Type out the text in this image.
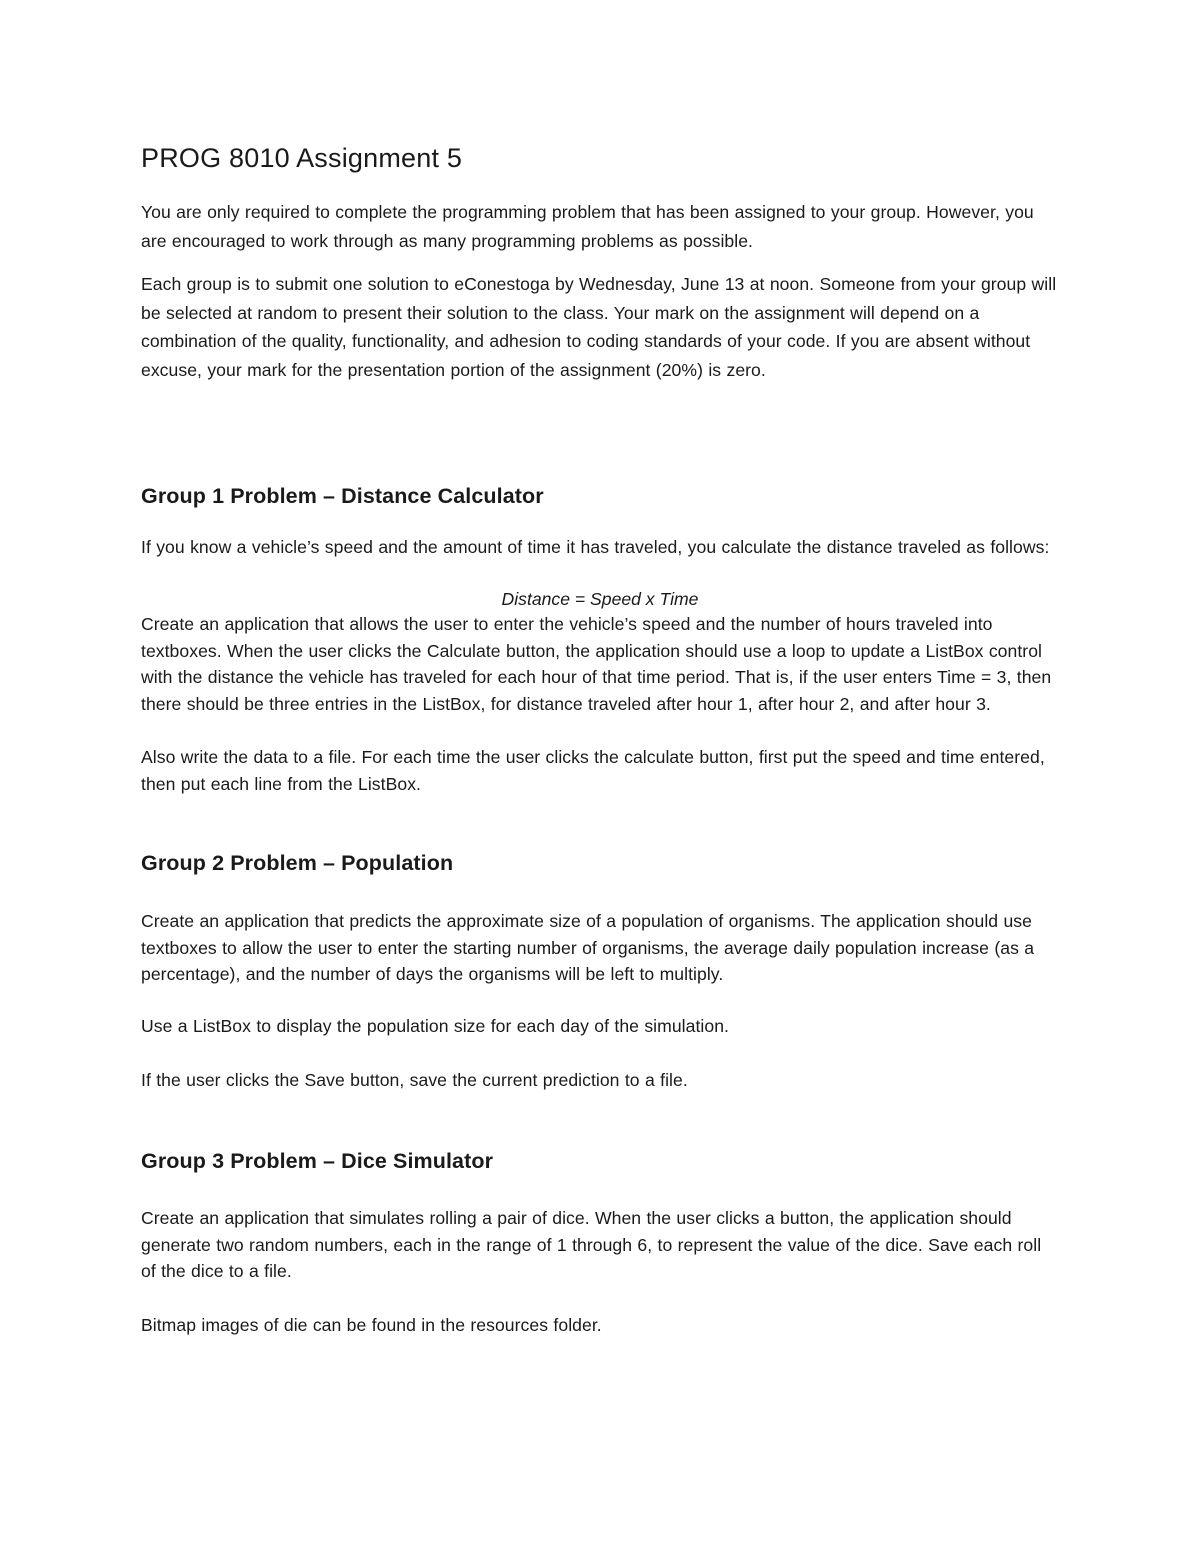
PROG 8010 Assignment 5

You are only required to complete the programming problem that has been assigned to your group. However, you are encouraged to work through as many programming problems as possible.

Each group is to submit one solution to eConestoga by Wednesday, June 13 at noon. Someone from your group will be selected at random to present their solution to the class. Your mark on the assignment will depend on a combination of the quality, functionality, and adhesion to coding standards of your code. If you are absent without excuse, your mark for the presentation portion of the assignment (20%) is zero.

Group 1 Problem – Distance Calculator

If you know a vehicle’s speed and the amount of time it has traveled, you calculate the distance traveled as follows:

Distance = Speed x Time

Create an application that allows the user to enter the vehicle’s speed and the number of hours traveled into textboxes. When the user clicks the Calculate button, the application should use a loop to update a ListBox control with the distance the vehicle has traveled for each hour of that time period. That is, if the user enters Time = 3, then there should be three entries in the ListBox, for distance traveled after hour 1, after hour 2, and after hour 3.

Also write the data to a file. For each time the user clicks the calculate button, first put the speed and time entered, then put each line from the ListBox.

Group 2 Problem – Population

Create an application that predicts the approximate size of a population of organisms. The application should use textboxes to allow the user to enter the starting number of organisms, the average daily population increase (as a percentage), and the number of days the organisms will be left to multiply.

Use a ListBox to display the population size for each day of the simulation.

If the user clicks the Save button, save the current prediction to a file.

Group 3 Problem – Dice Simulator

Create an application that simulates rolling a pair of dice. When the user clicks a button, the application should generate two random numbers, each in the range of 1 through 6, to represent the value of the dice. Save each roll of the dice to a file.

Bitmap images of die can be found in the resources folder.
